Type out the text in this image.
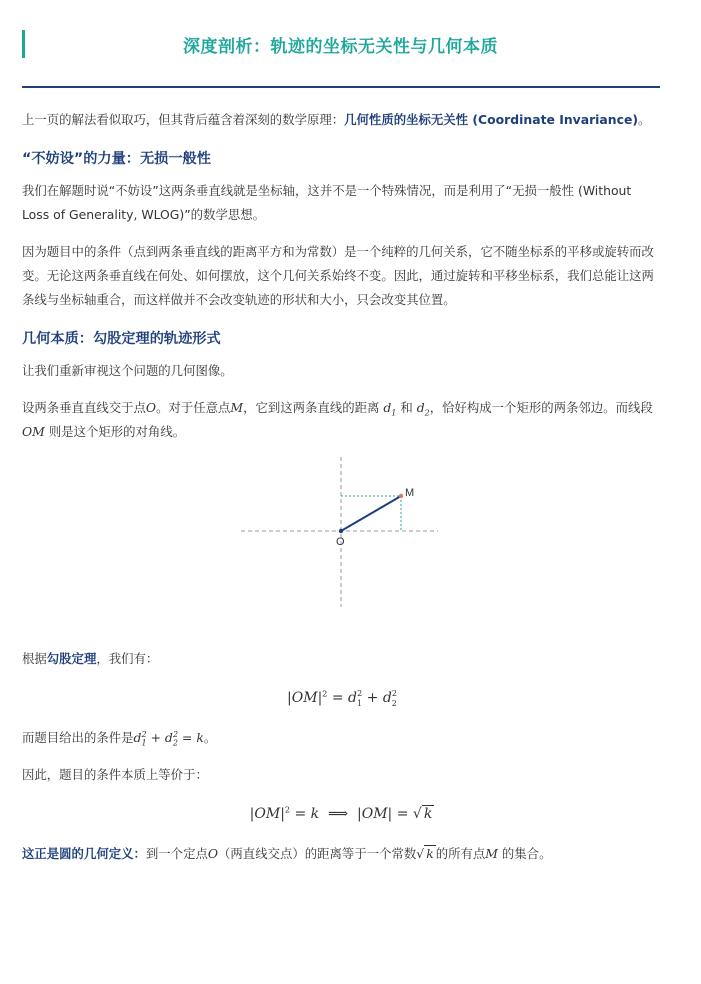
深度剖析：轨迹的坐标无关性与几何本质

上一页的解法看似取巧，但其背后蕴含着深刻的数学原理：几何性质的坐标无关性 (Coordinate Invariance)。

“不妨设”的力量：无损一般性

我们在解题时说“不妨设”这两条垂直线就是坐标轴，这并不是一个特殊情况，而是利用了“无损一般性 (Without Loss of Generality, WLOG)”的数学思想。

因为题目中的条件（点到两条垂直线的距离平方和为常数）是一个纯粹的几何关系，它不随坐标系的平移或旋转而改变。无论这两条垂直线在何处、如何摆放，这个几何关系始终不变。因此，通过旋转和平移坐标系，我们总能让这两条线与坐标轴重合，而这样做并不会改变轨迹的形状和大小，只会改变其位置。

几何本质：勾股定理的轨迹形式

让我们重新审视这个问题的几何图像。

设两条垂直直线交于点O。对于任意点M，它到这两条直线的距离 $d_1$ 和 $d_2$，恰好构成一个矩形的两条邻边。而线段OM 则是这个矩形的对角线。

M
O

根据勾股定理，我们有：

$|OM|^2 = d_1^2 + d_2^2$

而题目给出的条件是$d_1^2 + d_2^2 = k$。

因此，题目的条件本质上等价于：

$|OM|^2 = k$  ⟹  |OM| = √ k

这正是圆的几何定义：到一个定点O（两直线交点）的距离等于一个常数√ k 的所有点M 的集合。
